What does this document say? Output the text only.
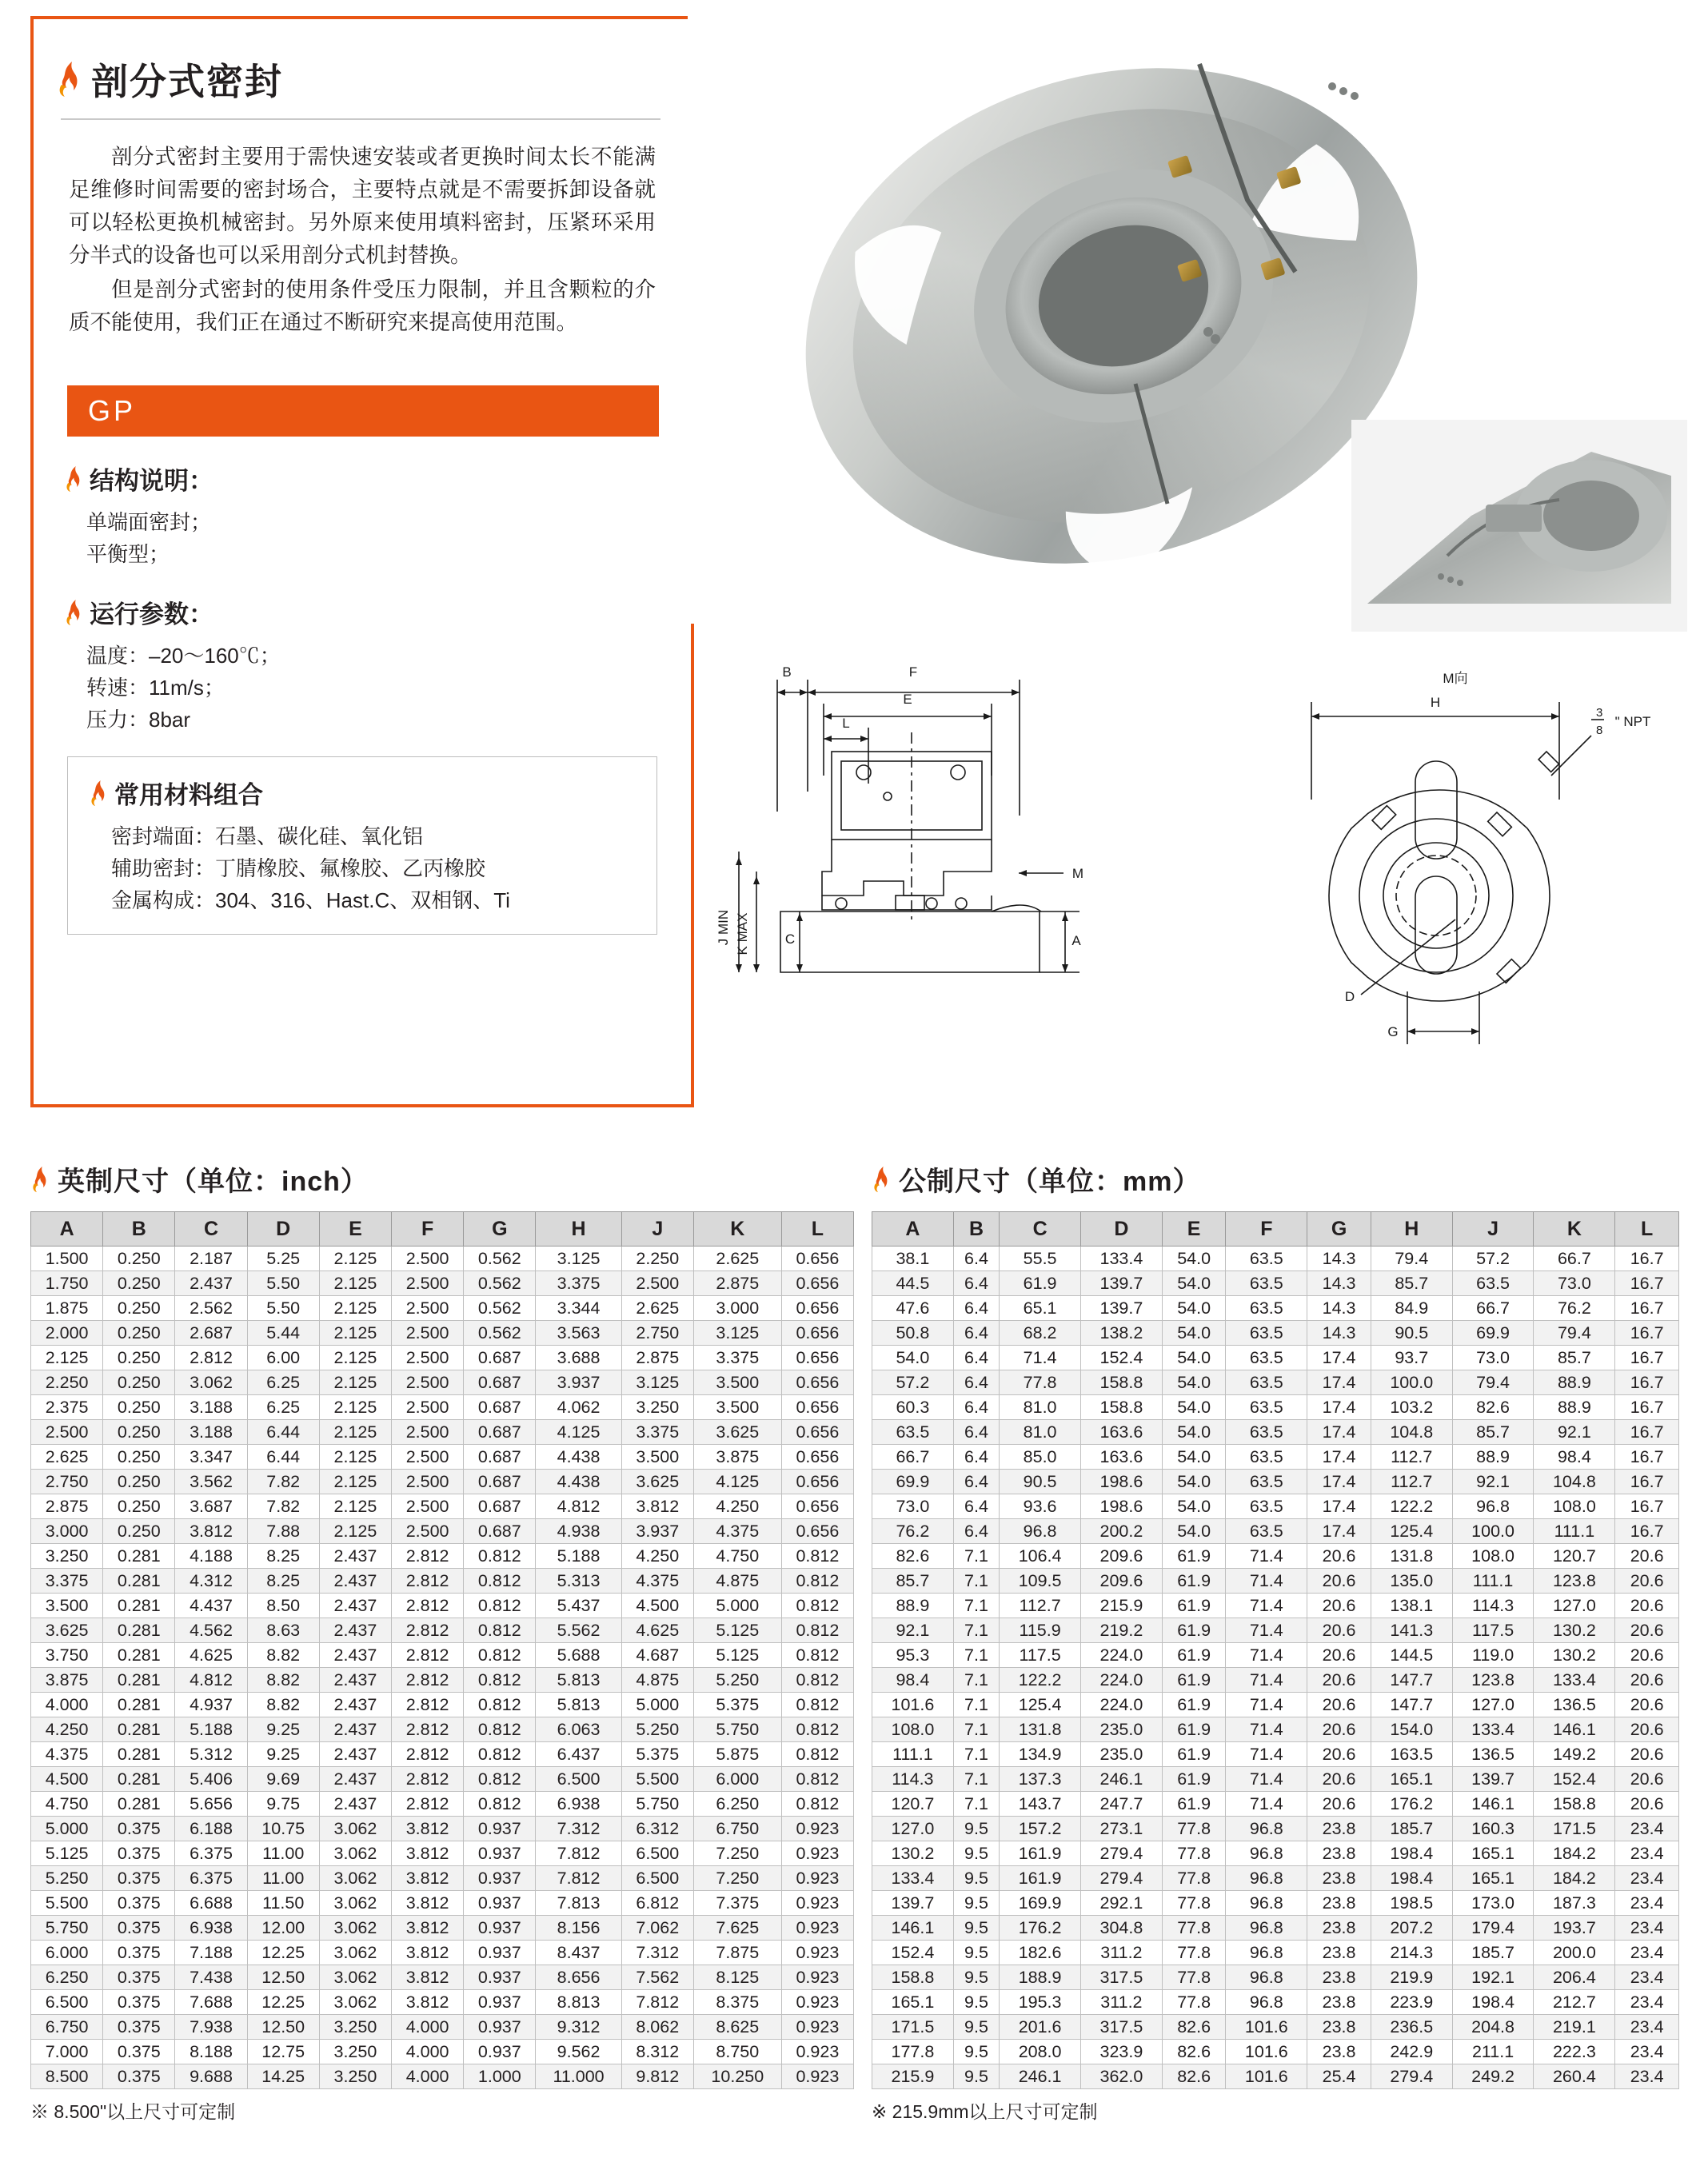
剖分式密封

剖分式密封主要用于需快速安装或者更换时间太长不能满足维修时间需要的密封场合，主要特点就是不需要拆卸设备就可以轻松更换机械密封。另外原来使用填料密封，压紧环采用分半式的设备也可以采用剖分式机封替换。

但是剖分式密封的使用条件受压力限制，并且含颗粒的介质不能使用，我们正在通过不断研究来提高使用范围。

GP
结构说明：
单端面密封；
平衡型；
运行参数：
温度：–20～160℃；
转速：11m/s；
压力：8bar
常用材料组合
密封端面：石墨、碳化硅、氧化铝
辅助密封：丁腈橡胶、氟橡胶、乙丙橡胶
金属构成：304、316、Hast.C、双相钢、Ti
B	F
E
L
J MIN K MAX	C	A
M
M向
H
3
8
" NPT
D
G
英制尺寸（单位：inch）
A	B	C	D	E	F	G	H	J	K	L
1.500	0.250	2.187	5.25	2.125	2.500	0.562	3.125	2.250	2.625	0.656
1.750	0.250	2.437	5.50	2.125	2.500	0.562	3.375	2.500	2.875	0.656
1.875	0.250	2.562	5.50	2.125	2.500	0.562	3.344	2.625	3.000	0.656
2.000	0.250	2.687	5.44	2.125	2.500	0.562	3.563	2.750	3.125	0.656
2.125	0.250	2.812	6.00	2.125	2.500	0.687	3.688	2.875	3.375	0.656
2.250	0.250	3.062	6.25	2.125	2.500	0.687	3.937	3.125	3.500	0.656
2.375	0.250	3.188	6.25	2.125	2.500	0.687	4.062	3.250	3.500	0.656
2.500	0.250	3.188	6.44	2.125	2.500	0.687	4.125	3.375	3.625	0.656
2.625	0.250	3.347	6.44	2.125	2.500	0.687	4.438	3.500	3.875	0.656
2.750	0.250	3.562	7.82	2.125	2.500	0.687	4.438	3.625	4.125	0.656
2.875	0.250	3.687	7.82	2.125	2.500	0.687	4.812	3.812	4.250	0.656
3.000	0.250	3.812	7.88	2.125	2.500	0.687	4.938	3.937	4.375	0.656
3.250	0.281	4.188	8.25	2.437	2.812	0.812	5.188	4.250	4.750	0.812
3.375	0.281	4.312	8.25	2.437	2.812	0.812	5.313	4.375	4.875	0.812
3.500	0.281	4.437	8.50	2.437	2.812	0.812	5.437	4.500	5.000	0.812
3.625	0.281	4.562	8.63	2.437	2.812	0.812	5.562	4.625	5.125	0.812
3.750	0.281	4.625	8.82	2.437	2.812	0.812	5.688	4.687	5.125	0.812
3.875	0.281	4.812	8.82	2.437	2.812	0.812	5.813	4.875	5.250	0.812
4.000	0.281	4.937	8.82	2.437	2.812	0.812	5.813	5.000	5.375	0.812
4.250	0.281	5.188	9.25	2.437	2.812	0.812	6.063	5.250	5.750	0.812
4.375	0.281	5.312	9.25	2.437	2.812	0.812	6.437	5.375	5.875	0.812
4.500	0.281	5.406	9.69	2.437	2.812	0.812	6.500	5.500	6.000	0.812
4.750	0.281	5.656	9.75	2.437	2.812	0.812	6.938	5.750	6.250	0.812
5.000	0.375	6.188	10.75	3.062	3.812	0.937	7.312	6.312	6.750	0.923
5.125	0.375	6.375	11.00	3.062	3.812	0.937	7.812	6.500	7.250	0.923
5.250	0.375	6.375	11.00	3.062	3.812	0.937	7.812	6.500	7.250	0.923
5.500	0.375	6.688	11.50	3.062	3.812	0.937	7.813	6.812	7.375	0.923
5.750	0.375	6.938	12.00	3.062	3.812	0.937	8.156	7.062	7.625	0.923
6.000	0.375	7.188	12.25	3.062	3.812	0.937	8.437	7.312	7.875	0.923
6.250	0.375	7.438	12.50	3.062	3.812	0.937	8.656	7.562	8.125	0.923
6.500	0.375	7.688	12.25	3.062	3.812	0.937	8.813	7.812	8.375	0.923
6.750	0.375	7.938	12.50	3.250	4.000	0.937	9.312	8.062	8.625	0.923
7.000	0.375	8.188	12.75	3.250	4.000	0.937	9.562	8.312	8.750	0.923
8.500	0.375	9.688	14.25	3.250	4.000	1.000	11.000	9.812	10.250	0.923
※ 8.500"以上尺寸可定制
公制尺寸（单位：mm）
A	B	C	D	E	F	G	H	J	K	L
38.1	6.4	55.5	133.4	54.0	63.5	14.3	79.4	57.2	66.7	16.7
44.5	6.4	61.9	139.7	54.0	63.5	14.3	85.7	63.5	73.0	16.7
47.6	6.4	65.1	139.7	54.0	63.5	14.3	84.9	66.7	76.2	16.7
50.8	6.4	68.2	138.2	54.0	63.5	14.3	90.5	69.9	79.4	16.7
54.0	6.4	71.4	152.4	54.0	63.5	17.4	93.7	73.0	85.7	16.7
57.2	6.4	77.8	158.8	54.0	63.5	17.4	100.0	79.4	88.9	16.7
60.3	6.4	81.0	158.8	54.0	63.5	17.4	103.2	82.6	88.9	16.7
63.5	6.4	81.0	163.6	54.0	63.5	17.4	104.8	85.7	92.1	16.7
66.7	6.4	85.0	163.6	54.0	63.5	17.4	112.7	88.9	98.4	16.7
69.9	6.4	90.5	198.6	54.0	63.5	17.4	112.7	92.1	104.8	16.7
73.0	6.4	93.6	198.6	54.0	63.5	17.4	122.2	96.8	108.0	16.7
76.2	6.4	96.8	200.2	54.0	63.5	17.4	125.4	100.0	111.1	16.7
82.6	7.1	106.4	209.6	61.9	71.4	20.6	131.8	108.0	120.7	20.6
85.7	7.1	109.5	209.6	61.9	71.4	20.6	135.0	111.1	123.8	20.6
88.9	7.1	112.7	215.9	61.9	71.4	20.6	138.1	114.3	127.0	20.6
92.1	7.1	115.9	219.2	61.9	71.4	20.6	141.3	117.5	130.2	20.6
95.3	7.1	117.5	224.0	61.9	71.4	20.6	144.5	119.0	130.2	20.6
98.4	7.1	122.2	224.0	61.9	71.4	20.6	147.7	123.8	133.4	20.6
101.6	7.1	125.4	224.0	61.9	71.4	20.6	147.7	127.0	136.5	20.6
108.0	7.1	131.8	235.0	61.9	71.4	20.6	154.0	133.4	146.1	20.6
111.1	7.1	134.9	235.0	61.9	71.4	20.6	163.5	136.5	149.2	20.6
114.3	7.1	137.3	246.1	61.9	71.4	20.6	165.1	139.7	152.4	20.6
120.7	7.1	143.7	247.7	61.9	71.4	20.6	176.2	146.1	158.8	20.6
127.0	9.5	157.2	273.1	77.8	96.8	23.8	185.7	160.3	171.5	23.4
130.2	9.5	161.9	279.4	77.8	96.8	23.8	198.4	165.1	184.2	23.4
133.4	9.5	161.9	279.4	77.8	96.8	23.8	198.4	165.1	184.2	23.4
139.7	9.5	169.9	292.1	77.8	96.8	23.8	198.5	173.0	187.3	23.4
146.1	9.5	176.2	304.8	77.8	96.8	23.8	207.2	179.4	193.7	23.4
152.4	9.5	182.6	311.2	77.8	96.8	23.8	214.3	185.7	200.0	23.4
158.8	9.5	188.9	317.5	77.8	96.8	23.8	219.9	192.1	206.4	23.4
165.1	9.5	195.3	311.2	77.8	96.8	23.8	223.9	198.4	212.7	23.4
171.5	9.5	201.6	317.5	82.6	101.6	23.8	236.5	204.8	219.1	23.4
177.8	9.5	208.0	323.9	82.6	101.6	23.8	242.9	211.1	222.3	23.4
215.9	9.5	246.1	362.0	82.6	101.6	25.4	279.4	249.2	260.4	23.4
※ 215.9mm以上尺寸可定制
